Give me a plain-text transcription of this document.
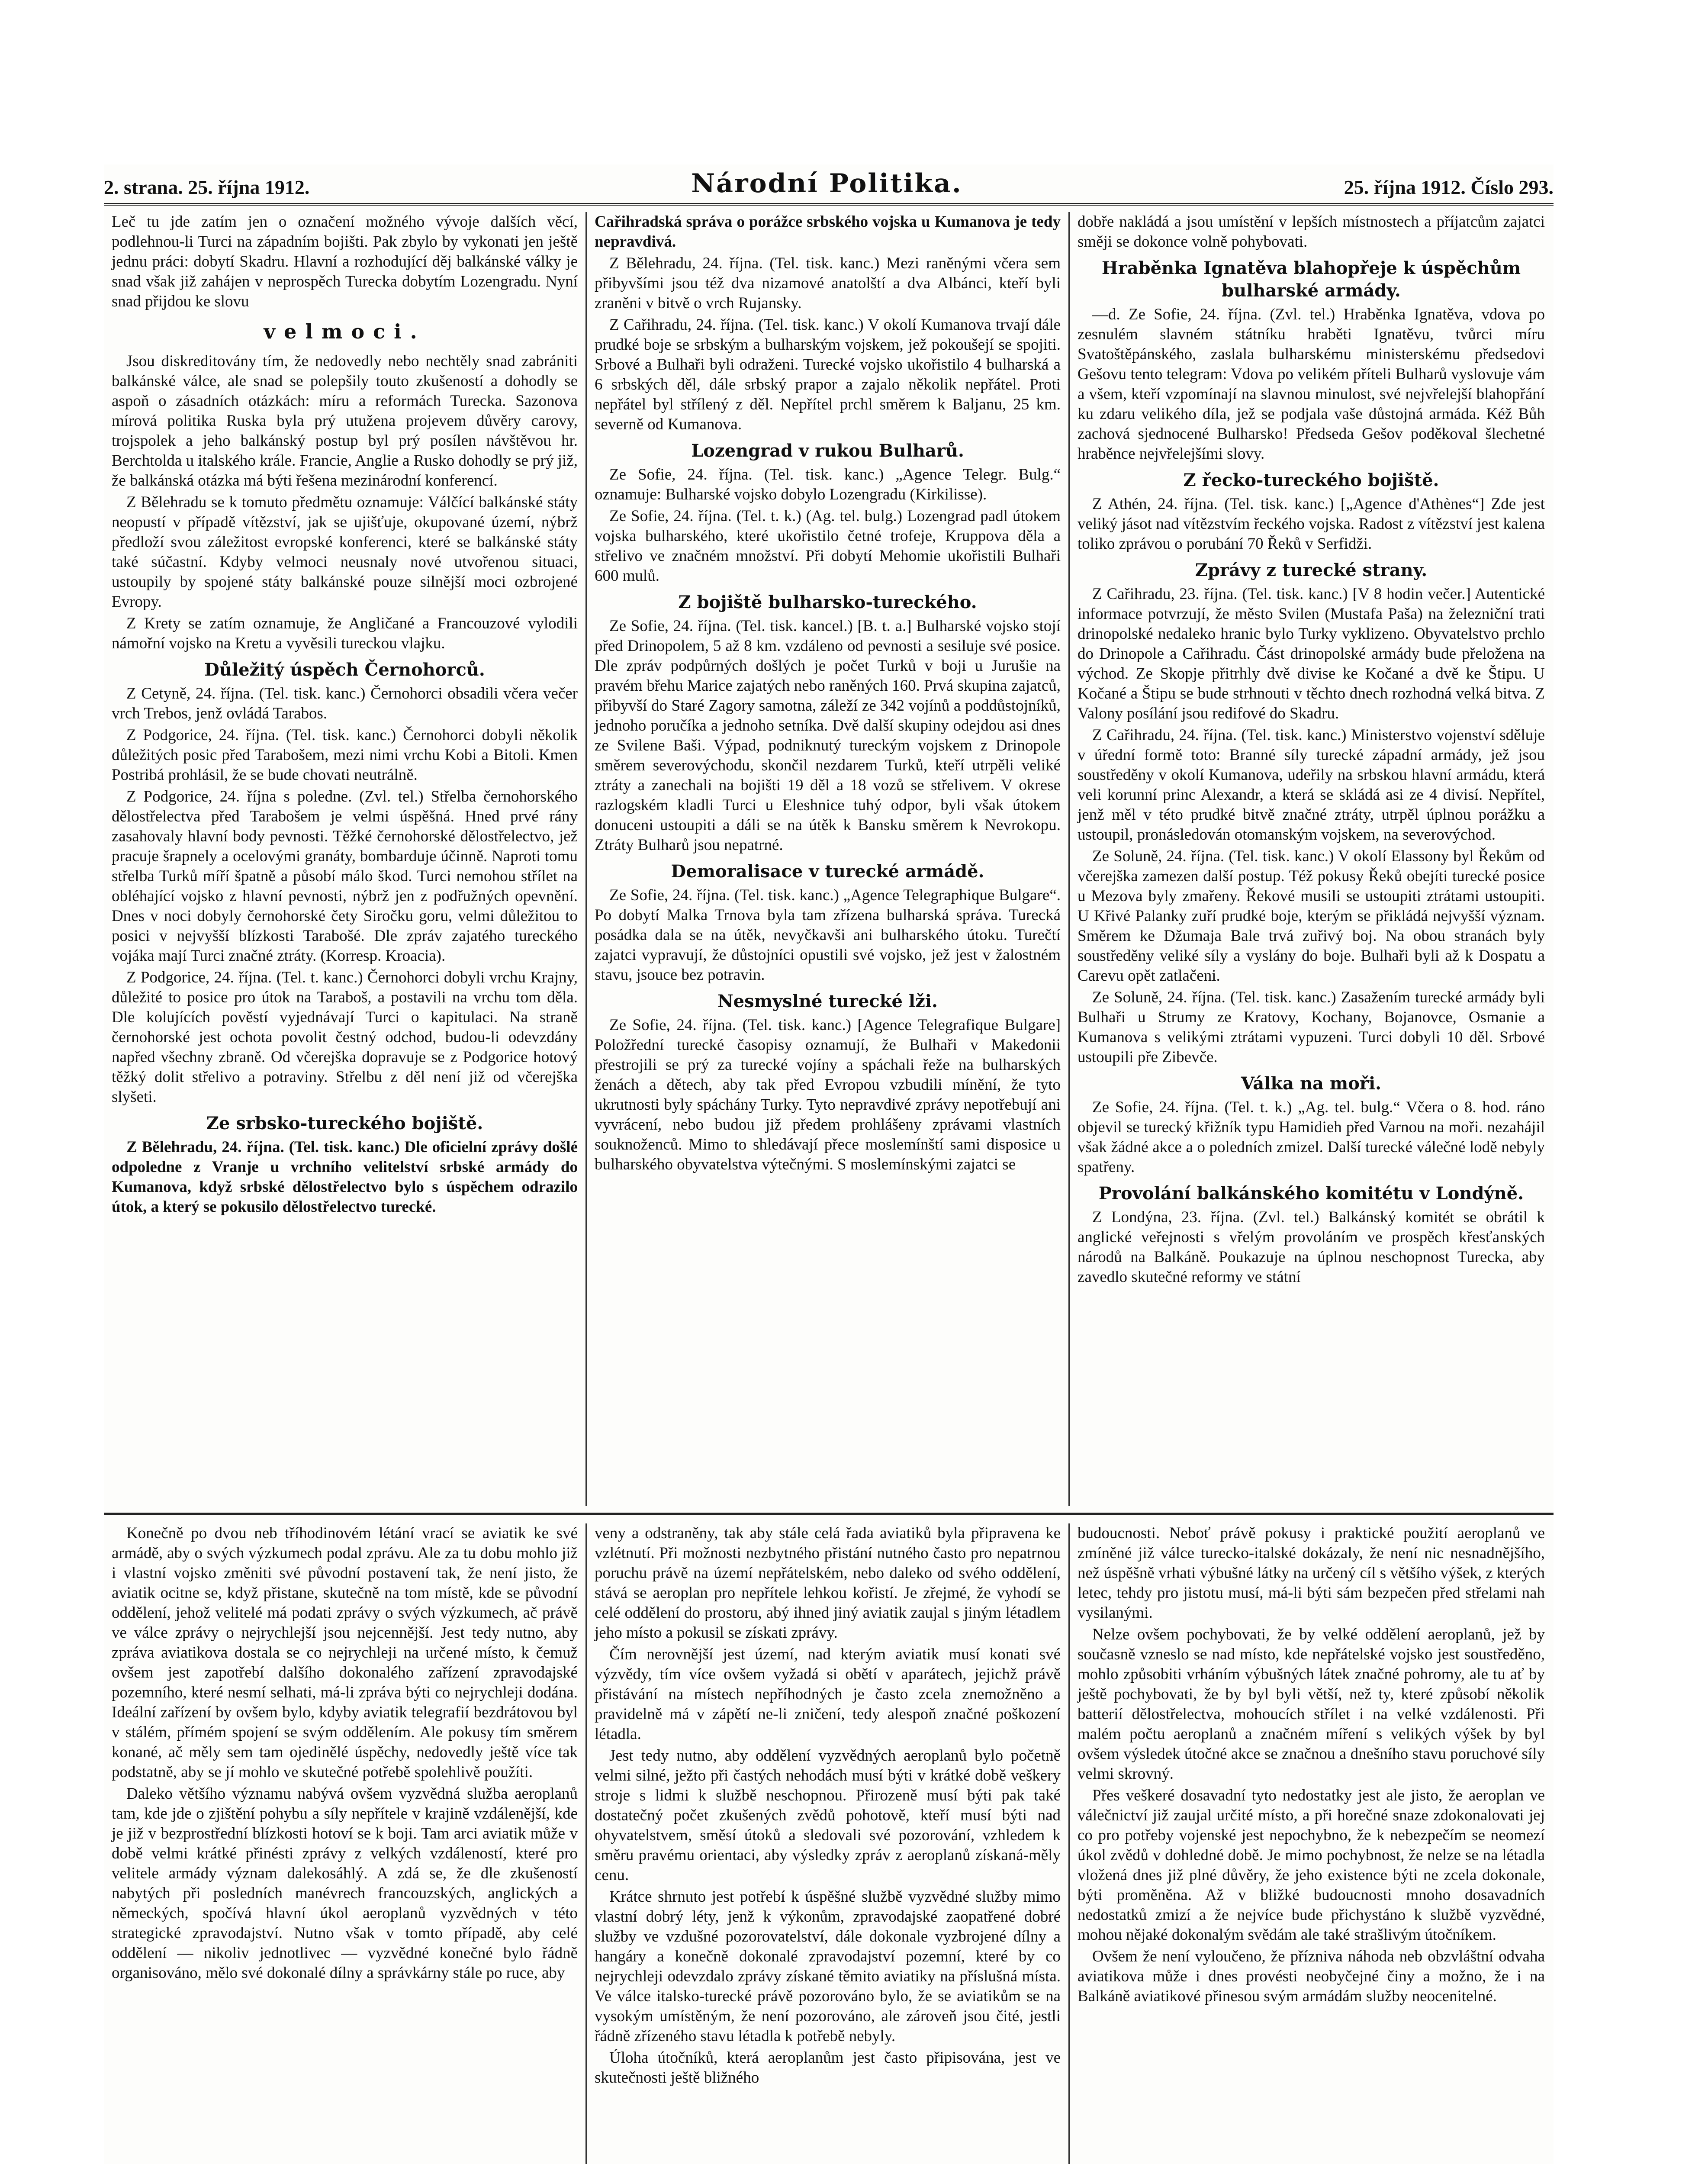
2. strana. 25. října 1912.	Národní Politika.	25. října 1912. Číslo 293.

Leč tu jde zatím jen o označení možného vývoje dalších věcí, podlehnou-li Turci na západním bojišti. Pak zbylo by vykonati jen ještě jednu práci: dobytí Skadru. Hlavní a rozhodující děj balkánské války je snad však již zahájen v neprospěch Turecka dobytím Lozengradu. Nyní snad přijdou ke slovu

velmoci.

Jsou diskreditovány tím, že nedovedly nebo nechtěly snad zabrániti balkánské válce, ale snad se polepšily touto zkušeností a dohodly se aspoň o zásadních otázkách: míru a reformách Turecka. Sazonova mírová politika Ruska byla prý utužena projevem důvěry carovy, trojspolek a jeho balkánský postup byl prý posílen návštěvou hr. Berchtolda u italského krále. Francie, Anglie a Rusko dohodly se prý již, že balkánská otázka má býti řešena mezinárodní konferencí.

Z Bělehradu se k tomuto předmětu oznamuje: Válčící balkánské státy neopustí v případě vítězství, jak se ujišťuje, okupované území, nýbrž předloží svou záležitost evropské konferenci, které se balkánské státy také súčastní. Kdyby velmoci neusnaly nové utvořenou situaci, ustoupily by spojené státy balkánské pouze silnější moci ozbrojené Evropy.

Z Krety se zatím oznamuje, že Angličané a Francouzové vylodili námořní vojsko na Kretu a vyvěsili tureckou vlajku.

Důležitý úspěch Černohorců.

Z Cetyně, 24. října. (Tel. tisk. kanc.) Černohorci obsadili včera večer vrch Trebos, jenž ovládá Tarabos.

Z Podgorice, 24. října. (Tel. tisk. kanc.) Černohorci dobyli několik důležitých posic před Tarabošem, mezi nimi vrchu Kobi a Bitoli. Kmen Postribá prohlásil, že se bude chovati neutrálně.

Z Podgorice, 24. října s poledne. (Zvl. tel.) Střelba černohorského dělostřelectva před Tarabošem je velmi úspěšná. Hned prvé rány zasahovaly hlavní body pevnosti. Těžké černohorské dělostřelectvo, jež pracuje šrapnely a ocelovými granáty, bombarduje účinně. Naproti tomu střelba Turků míří špatně a působí málo škod. Turci nemohou střílet na obléhající vojsko z hlavní pevnosti, nýbrž jen z podřužných opevnění. Dnes v noci dobyly černohorské čety Siročku goru, velmi důležitou to posici v nejvyšší blízkosti Tarabošé. Dle zpráv zajatého tureckého vojáka mají Turci značné ztráty. (Korresp. Kroacia).

Z Podgorice, 24. října. (Tel. t. kanc.) Černohorci dobyli vrchu Krajny, důležité to posice pro útok na Taraboš, a postavili na vrchu tom děla. Dle kolujících pověstí vyjednávají Turci o kapitulaci. Na straně černohorské jest ochota povolit čestný odchod, budou-li odevzdány napřed všechny zbraně. Od včerejška dopravuje se z Podgorice hotový těžký dolit střelivo a potraviny. Střelbu z děl není již od včerejška slyšeti.

Ze srbsko-tureckého bojiště.

Z Bělehradu, 24. října. (Tel. tisk. kanc.) Dle oficielní zprávy došlé odpoledne z Vranje u vrchního velitelství srbské armády do Kumanova, když srbské dělostřelectvo bylo s úspěchem odrazilo útok, a který se pokusilo dělostřelectvo turecké.

Cařihradská správa o porážce srbského vojska u Kumanova je tedy nepravdivá.

Z Bělehradu, 24. října. (Tel. tisk. kanc.) Mezi raněnými včera sem přibyvšími jsou též dva nizamové anatolští a dva Albánci, kteří byli zraněni v bitvě o vrch Rujansky.

Z Cařihradu, 24. října. (Tel. tisk. kanc.) V okolí Kumanova trvají dále prudké boje se srbským a bulharským vojskem, jež pokoušejí se spojiti. Srbové a Bulhaři byli odraženi. Turecké vojsko ukořistilo 4 bulharská a 6 srbských děl, dále srbský prapor a zajalo několik nepřátel. Proti nepřátel byl střílený z děl. Nepřítel prchl směrem k Baljanu, 25 km. severně od Kumanova.

Lozengrad v rukou Bulharů.

Ze Sofie, 24. října. (Tel. tisk. kanc.) „Agence Telegr. Bulg.“ oznamuje: Bulharské vojsko dobylo Lozengradu (Kirkilisse).

Ze Sofie, 24. října. (Tel. t. k.) (Ag. tel. bulg.) Lozengrad padl útokem vojska bulharského, které ukořistilo četné trofeje, Kruppova děla a střelivo ve značném množství. Při dobytí Mehomie ukořistili Bulhaři 600 mulů.

Z bojiště bulharsko-tureckého.

Ze Sofie, 24. října. (Tel. tisk. kancel.) [B. t. a.] Bulharské vojsko stojí před Drinopolem, 5 až 8 km. vzdáleno od pevnosti a sesiluje své posice. Dle zpráv podpůrných došlých je počet Turků v boji u Jurušie na pravém břehu Marice zajatých nebo raněných 160. Prvá skupina zajatců, přibyvší do Staré Zagory samotna, záleží ze 342 vojínů a poddůstojníků, jednoho poručíka a jednoho setníka. Dvě další skupiny odejdou asi dnes ze Svilene Baši. Výpad, podniknutý tureckým vojskem z Drinopole směrem severovýchodu, skončil nezdarem Turků, kteří utrpěli veliké ztráty a zanechali na bojišti 19 děl a 18 vozů se střelivem. V okrese razlogském kladli Turci u Eleshnice tuhý odpor, byli však útokem donuceni ustoupiti a dáli se na útěk k Bansku směrem k Nevrokopu. Ztráty Bulharů jsou nepatrné.

Demoralisace v turecké armádě.

Ze Sofie, 24. října. (Tel. tisk. kanc.) „Agence Telegraphique Bulgare“. Po dobytí Malka Trnova byla tam zřízena bulharská správa. Turecká posádka dala se na útěk, nevyčkavši ani bulharského útoku. Turečtí zajatci vypravují, že důstojníci opustili své vojsko, jež jest v žalostném stavu, jsouce bez potravin.

Nesmyslné turecké lži.

Ze Sofie, 24. října. (Tel. tisk. kanc.) [Agence Telegrafique Bulgare] Položřední turecké časopisy oznamují, že Bulhaři v Makedonii přestrojili se prý za turecké vojíny a spáchali řeže na bulharských ženách a dětech, aby tak před Evropou vzbudili mínění, že tyto ukrutnosti byly spáchány Turky. Tyto nepravdivé zprávy nepotřebují ani vyvrácení, nebo budou již předem prohlášeny zprávami vlastních souknoženců. Mimo to shledávají přece moslemínští sami disposice u bulharského obyvatelstva výtečnými. S moslemínskými zajatci se

dobře nakládá a jsou umístění v lepších místnostech a příjatcům zajatci směji se dokonce volně pohybovati.

Hraběnka Ignatěva blahopřeje k úspěchům bulharské armády.

—d. Ze Sofie, 24. října. (Zvl. tel.) Hraběnka Ignatěva, vdova po zesnulém slavném státníku hraběti Ignatěvu, tvůrci míru Svatoštěpánského, zaslala bulharskému ministerskému předsedovi Gešovu tento telegram: Vdova po velikém příteli Bulharů vyslovuje vám a všem, kteří vzpomínají na slavnou minulost, své nejvřelejší blahopřání ku zdaru velikého díla, jež se podjala vaše důstojná armáda. Kéž Bůh zachová sjednocené Bulharsko! Předseda Gešov poděkoval šlechetné hraběnce nejvřelejšími slovy.

Z řecko-tureckého bojiště.

Z Athén, 24. října. (Tel. tisk. kanc.) [„Agence d'Athènes“] Zde jest veliký jásot nad vítězstvím řeckého vojska. Radost z vítězství jest kalena toliko zprávou o porubání 70 Řeků v Serfidži.

Zprávy z turecké strany.

Z Cařihradu, 23. října. (Tel. tisk. kanc.) [V 8 hodin večer.] Autentické informace potvrzují, že město Svilen (Mustafa Paša) na železniční trati drinopolské nedaleko hranic bylo Turky vyklizeno. Obyvatelstvo prchlo do Drinopole a Cařihradu. Část drinopolské armády bude přeložena na východ. Ze Skopje přitrhly dvě divise ke Kočané a dvě ke Štipu. U Kočané a Štipu se bude strhnouti v těchto dnech rozhodná velká bitva. Z Valony posílání jsou redifové do Skadru.

Z Cařihradu, 24. října. (Tel. tisk. kanc.) Ministerstvo vojenství sděluje v úřední formě toto: Branné síly turecké západní armády, jež jsou soustředěny v okolí Kumanova, udeřily na srbskou hlavní armádu, která veli korunní princ Alexandr, a která se skládá asi ze 4 divisí. Nepřítel, jenž měl v této prudké bitvě značné ztráty, utrpěl úplnou porážku a ustoupil, pronásledován otomanským vojskem, na severovýchod.

Ze Soluně, 24. října. (Tel. tisk. kanc.) V okolí Elassony byl Řekům od včerejška zamezen další postup. Též pokusy Řeků obejíti turecké posice u Mezova byly zmařeny. Řekové musili se ustoupiti ztrátami ustoupiti. U Křivé Palanky zuří prudké boje, kterým se přikládá nejvyšší význam. Směrem ke Džumaja Bale trvá zuřivý boj. Na obou stranách byly soustředěny veliké síly a vyslány do boje. Bulhaři byli až k Dospatu a Carevu opět zatlačeni.

Ze Soluně, 24. října. (Tel. tisk. kanc.) Zasažením turecké armády byli Bulhaři u Strumy ze Kratovy, Kochany, Bojanovce, Osmanie a Kumanova s velikými ztrátami vypuzeni. Turci dobyli 10 děl. Srbové ustoupili pře Zibevče.

Válka na moři.

Ze Sofie, 24. října. (Tel. t. k.) „Ag. tel. bulg.“ Včera o 8. hod. ráno objevil se turecký křižník typu Hamidieh před Varnou na moři. nezahájil však žádné akce a o poledních zmizel. Další turecké válečné lodě nebyly spatřeny.

Provolání balkánského komitétu v Londýně.

Z Londýna, 23. října. (Zvl. tel.) Balkánský komitét se obrátil k anglické veřejnosti s vřelým provoláním ve prospěch křesťanských národů na Balkáně. Poukazuje na úplnou neschopnost Turecka, aby zavedlo skutečné reformy ve státní

Konečně po dvou neb tříhodinovém létání vrací se aviatik ke své armádě, aby o svých výzkumech podal zprávu. Ale za tu dobu mohlo již i vlastní vojsko změniti své původní postavení tak, že není jisto, že aviatik ocitne se, když přistane, skutečně na tom místě, kde se původní oddělení, jehož velitelé má podati zprávy o svých výzkumech, ač právě ve válce zprávy o nejrychlejší jsou nejcennější. Jest tedy nutno, aby zpráva aviatikova dostala se co nejrychleji na určené místo, k čemuž ovšem jest zapotřebí dalšího dokonalého zařízení zpravodajské pozemního, které nesmí selhati, má-li zpráva býti co nejrychleji dodána. Ideální zařízení by ovšem bylo, kdyby aviatik telegrafií bezdrátovou byl v stálém, přímém spojení se svým oddělením. Ale pokusy tím směrem konané, ač měly sem tam ojedinělé úspěchy, nedovedly ještě více tak podstatně, aby se jí mohlo ve skutečné potřebě spolehlivě použíti.

Daleko většího významu nabývá ovšem vyzvědná služba aeroplanů tam, kde jde o zjištění pohybu a síly nepřítele v krajině vzdálenější, kde je již v bezprostřední blízkosti hotoví se k boji. Tam arci aviatik může v době velmi krátké přinésti zprávy z velkých vzdáleností, které pro velitele armády význam dalekosáhlý. A zdá se, že dle zkušeností nabytých při posledních manévrech francouzských, anglických a německých, spočívá hlavní úkol aeroplanů vyzvědných v této strategické zpravodajství. Nutno však v tomto případě, aby celé oddělení — nikoliv jednotlivec — vyzvědné konečné bylo řádně organisováno, mělo své dokonalé dílny a správkárny stále po ruce, aby

veny a odstraněny, tak aby stále celá řada aviatiků byla připravena ke vzlétnutí. Při možnosti nezbytného přistání nutného často pro nepatrnou poruchu právě na území nepřátelském, nebo daleko od svého oddělení, stává se aeroplan pro nepřítele lehkou kořistí. Je zřejmé, že vyhodí se celé oddělení do prostoru, abý ihned jiný aviatik zaujal s jiným létadlem jeho místo a pokusil se získati zprávy.

Čím nerovnější jest území, nad kterým aviatik musí konati své výzvědy, tím více ovšem vyžadá si obětí v aparátech, jejichž právě přistávání na místech nepříhodných je často zcela znemožněno a pravidelně má v zápětí ne-li zničení, tedy alespoň značné poškození létadla.

Jest tedy nutno, aby oddělení vyzvědných aeroplanů bylo početně velmi silné, ježto při častých nehodách musí býti v krátké době veškery stroje s lidmi k službě neschopnou. Přirozeně musí býti pak také dostatečný počet zkušených zvědů pohotově, kteří musí býti nad ohyvatelstvem, směsí útoků a sledovali své pozorování, vzhledem k směru pravému orientaci, aby výsledky zpráv z aeroplanů získaná-měly cenu.

Krátce shrnuto jest potřebí k úspěšné službě vyzvědné služby mimo vlastní dobrý léty, jenž k výkonům, zpravodajské zaopatřené dobré služby ve vzdušné pozorovatelství, dále dokonale vyzbrojené dílny a hangáry a konečně dokonalé zpravodajství pozemní, které by co nejrychleji odevzdalo zprávy získané těmito aviatiky na příslušná místa. Ve válce italsko-turecké právě pozorováno bylo, že se aviatikům se na vysokým umístěným, že není pozorováno, ale zároveň jsou čité, jestli řádně zřízeného stavu létadla k potřebě nebyly.

Úloha útočníků, která aeroplanům jest často připisována, jest ve skutečnosti ještě bližného

budoucnosti. Neboť právě pokusy i praktické použití aeroplanů ve zmíněné již válce turecko-italské dokázaly, že není nic nesnadnějšího, než úspěšně vrhati výbušné látky na určený cíl s většího výšek, z kterých letec, tehdy pro jistotu musí, má-li býti sám bezpečen před střelami nah vysilanými.

Nelze ovšem pochybovati, že by velké oddělení aeroplanů, jež by současně vzneslo se nad místo, kde nepřátelské vojsko jest soustředěno, mohlo způsobiti vrháním výbušných látek značné pohromy, ale tu ať by ještě pochybovati, že by byl byli větší, než ty, které způsobí několik batterií dělostřelectva, mohoucích střílet i na velké vzdálenosti. Při malém počtu aeroplanů a značném míření s velikých výšek by byl ovšem výsledek útočné akce se značnou a dnešního stavu poruchové síly velmi skrovný.

Přes veškeré dosavadní tyto nedostatky jest ale jisto, že aeroplan ve válečnictví již zaujal určité místo, a při horečné snaze zdokonalovati jej co pro potřeby vojenské jest nepochybno, že k nebezpečím se neomezí úkol zvědů v dohledné době. Je mimo pochybnost, že nelze se na létadla vložená dnes již plné důvěry, že jeho existence býti ne zcela dokonale, býti proměněna. Až v bližké budoucnosti mnoho dosavadních nedostatků zmizí a že nejvíce bude přichystáno k službě vyzvědné, mohou nějaké dokonalým svědám ale také strašlivým útočníkem.

Ovšem že není vyloučeno, že přízniva náhoda neb obzvláštní odvaha aviatikova může i dnes provésti neobyčejné činy a možno, že i na Balkáně aviatikové přinesou svým armádám služby neocenitelné.
